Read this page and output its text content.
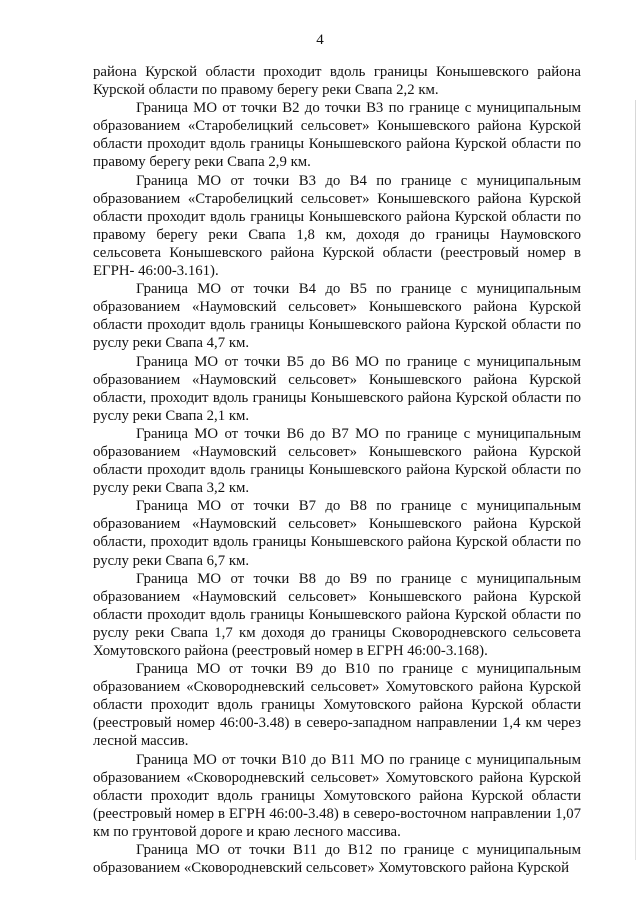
4

района Курской области проходит вдоль границы Конышевского района Курской области по правому берегу реки Свапа 2,2 км.

Граница МО от точки В2 до точки В3 по границе с муниципальным образованием «Старобелицкий сельсовет» Конышевского района Курской области проходит вдоль границы Конышевского района Курской области по правому берегу реки Свапа 2,9 км.

Граница МО от точки В3 до В4 по границе с муниципальным образованием «Старобелицкий сельсовет» Конышевского района Курской области проходит вдоль границы Конышевского района Курской области по правому берегу реки Свапа 1,8 км, доходя до границы Наумовского сельсовета Конышевского района Курской области (реестровый номер в ЕГРН- 46:00-3.161).

Граница МО от точки В4 до В5 по границе с муниципальным образованием «Наумовский сельсовет» Конышевского района Курской области проходит вдоль границы Конышевского района Курской области по руслу реки Свапа 4,7 км.

Граница МО от точки В5 до В6 МО по границе с муниципальным образованием «Наумовский сельсовет» Конышевского района Курской области, проходит вдоль границы Конышевского района Курской области по руслу реки Свапа 2,1 км.

Граница МО от точки В6 до В7 МО по границе с муниципальным образованием «Наумовский сельсовет» Конышевского района Курской области проходит вдоль границы Конышевского района Курской области по руслу реки Свапа 3,2 км.

Граница МО от точки В7 до В8 по границе с муниципальным образованием «Наумовский сельсовет» Конышевского района Курской области, проходит вдоль границы Конышевского района Курской области по руслу реки Свапа 6,7 км.

Граница МО от точки В8 до В9 по границе с муниципальным образованием «Наумовский сельсовет» Конышевского района Курской области проходит вдоль границы Конышевского района Курской области по руслу реки Свапа 1,7 км доходя до границы Сковородневского сельсовета Хомутовского района (реестровый номер в ЕГРН 46:00-3.168).

Граница МО от точки В9 до В10 по границе с муниципальным образованием «Сковородневский сельсовет» Хомутовского района Курской области проходит вдоль границы Хомутовского района Курской области (реестровый номер 46:00-3.48) в северо-западном направлении 1,4 км через лесной массив.

Граница МО от точки В10 до В11 МО по границе с муниципальным образованием «Сковородневский сельсовет» Хомутовского района Курской области проходит вдоль границы Хомутовского района Курской области (реестровый номер в ЕГРН 46:00-3.48) в северо-восточном направлении 1,07 км по грунтовой дороге и краю лесного массива.

Граница МО от точки В11 до В12 по границе с муниципальным образованием «Сковородневский сельсовет» Хомутовского района Курской
